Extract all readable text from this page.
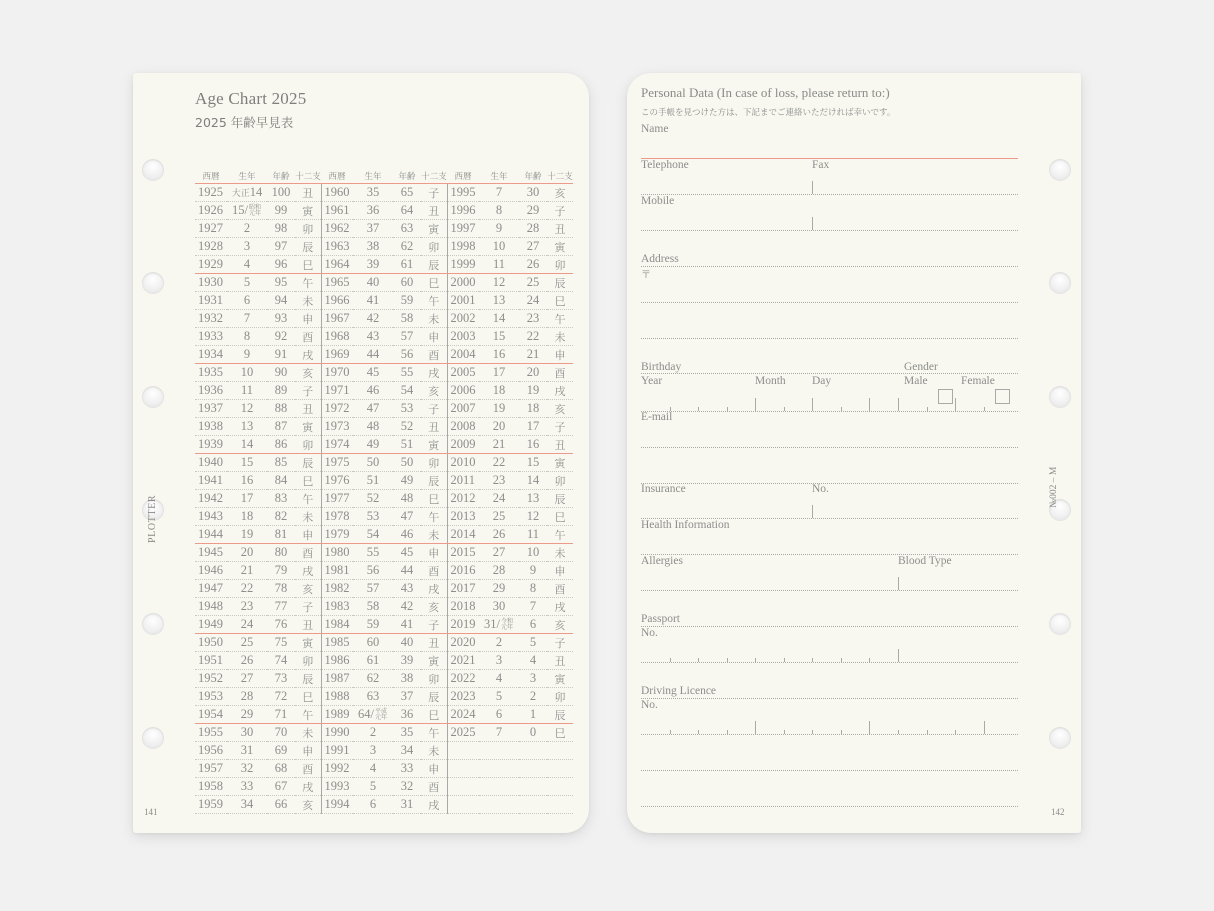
Age Chart 2025
2025 年齢早見表
PLOTTER
西暦	生年	年齢	十二支	西暦	生年	年齢	十二支	西暦	生年	年齢	十二支
1925	大正14	100	丑	1960	35	65	子	1995	7	30	亥
1926	15/昭和元年	99	寅	1961	36	64	丑	1996	8	29	子
1927	2	98	卯	1962	37	63	寅	1997	9	28	丑
1928	3	97	辰	1963	38	62	卯	1998	10	27	寅
1929	4	96	巳	1964	39	61	辰	1999	11	26	卯
1930	5	95	午	1965	40	60	巳	2000	12	25	辰
1931	6	94	未	1966	41	59	午	2001	13	24	巳
1932	7	93	申	1967	42	58	未	2002	14	23	午
1933	8	92	酉	1968	43	57	申	2003	15	22	未
1934	9	91	戌	1969	44	56	酉	2004	16	21	申
1935	10	90	亥	1970	45	55	戌	2005	17	20	酉
1936	11	89	子	1971	46	54	亥	2006	18	19	戌
1937	12	88	丑	1972	47	53	子	2007	19	18	亥
1938	13	87	寅	1973	48	52	丑	2008	20	17	子
1939	14	86	卯	1974	49	51	寅	2009	21	16	丑
1940	15	85	辰	1975	50	50	卯	2010	22	15	寅
1941	16	84	巳	1976	51	49	辰	2011	23	14	卯
1942	17	83	午	1977	52	48	巳	2012	24	13	辰
1943	18	82	未	1978	53	47	午	2013	25	12	巳
1944	19	81	申	1979	54	46	未	2014	26	11	午
1945	20	80	酉	1980	55	45	申	2015	27	10	未
1946	21	79	戌	1981	56	44	酉	2016	28	9	申
1947	22	78	亥	1982	57	43	戌	2017	29	8	酉
1948	23	77	子	1983	58	42	亥	2018	30	7	戌
1949	24	76	丑	1984	59	41	子	2019	31/令和元年	6	亥
1950	25	75	寅	1985	60	40	丑	2020	2	5	子
1951	26	74	卯	1986	61	39	寅	2021	3	4	丑
1952	27	73	辰	1987	62	38	卯	2022	4	3	寅
1953	28	72	巳	1988	63	37	辰	2023	5	2	卯
1954	29	71	午	1989	64/平成元年	36	巳	2024	6	1	辰
1955	30	70	未	1990	2	35	午	2025	7	0	巳
1956	31	69	申	1991	3	34	未				
1957	32	68	酉	1992	4	33	申				
1958	33	67	戌	1993	5	32	酉				
1959	34	66	亥	1994	6	31	戌				
141
Personal Data (In case of loss, please return to:)
この手帳を見つけた方は、下記までご連絡いただければ幸いです。
№002 – M
Name
Telephone	Fax
Mobile
Address
〒
Birthday	Gender
Year	Month Day	Male	Female
E-mail
Insurance	No.
Health Information
Allergies	Blood Type
Passport
No.
Driving Licence
No.
142
